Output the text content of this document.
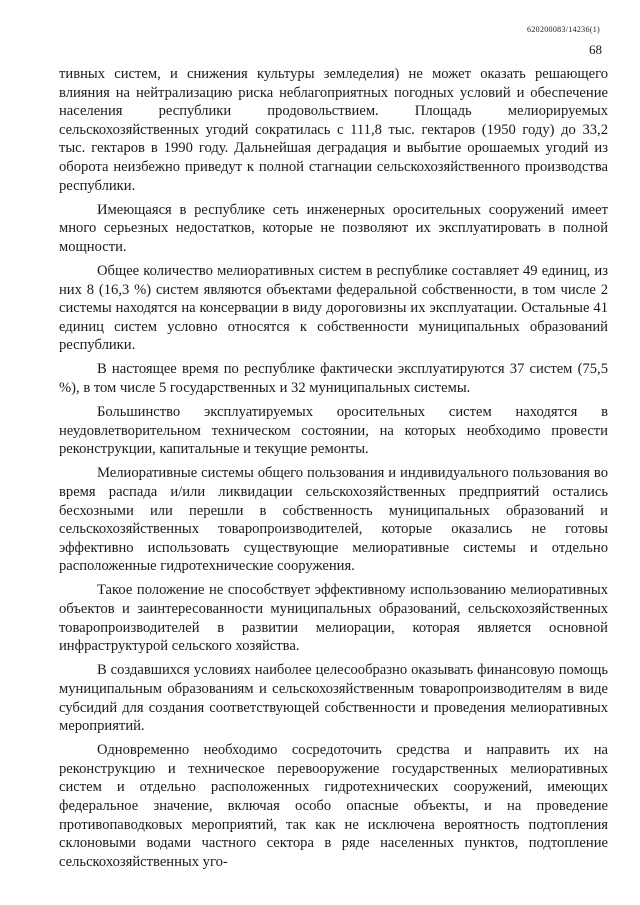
620200083/14236(1)
68

тивных систем, и снижения культуры земледелия) не может оказать решающего влияния на нейтрализацию риска неблагоприятных погодных условий и обеспечение населения республики продовольствием. Площадь мелиорируемых сельскохозяйственных угодий сократилась с 111,8 тыс. гектаров (1950 году) до 33,2 тыс. гектаров в 1990 году. Дальнейшая деградация и выбытие орошаемых угодий из оборота неизбежно приведут к полной стагнации сельскохозяйственного производства республики.

Имеющаяся в республике сеть инженерных оросительных сооружений имеет много серьезных недостатков, которые не позволяют их эксплуатировать в полной мощности.

Общее количество мелиоративных систем в республике составляет 49 единиц, из них 8 (16,3 %) систем являются объектами федеральной собственности, в том числе 2 системы находятся на консервации в виду дороговизны их эксплуатации. Остальные 41 единиц систем условно относятся к собственности муниципальных образований республики.

В настоящее время по республике фактически эксплуатируются 37 систем (75,5 %), в том числе 5 государственных и 32 муниципальных системы.

Большинство эксплуатируемых оросительных систем находятся в неудовлетворительном техническом состоянии, на которых необходимо провести реконструкции, капитальные и текущие ремонты.

Мелиоративные системы общего пользования и индивидуального пользования во время распада и/или ликвидации сельскохозяйственных предприятий остались бесхозными или перешли в собственность муниципальных образований и сельскохозяйственных товаропроизводителей, которые оказались не готовы эффективно использовать существующие мелиоративные системы и отдельно расположенные гидротехнические сооружения.

Такое положение не способствует эффективному использованию мелиоративных объектов и заинтересованности муниципальных образований, сельскохозяйственных товаропроизводителей в развитии мелиорации, которая является основной инфраструктурой сельского хозяйства.

В создавшихся условиях наиболее целесообразно оказывать финансовую помощь муниципальным образованиям и сельскохозяйственным товаропроизводителям в виде субсидий для создания соответствующей собственности и проведения мелиоративных мероприятий.

Одновременно необходимо сосредоточить средства и направить их на реконструкцию и техническое перевооружение государственных мелиоративных систем и отдельно расположенных гидротехнических сооружений, имеющих федеральное значение, включая особо опасные объекты, и на проведение противопаводковых мероприятий, так как не исключена вероятность подтопления склоновыми водами частного сектора в ряде населенных пунктов, подтопление сельскохозяйственных уго-
